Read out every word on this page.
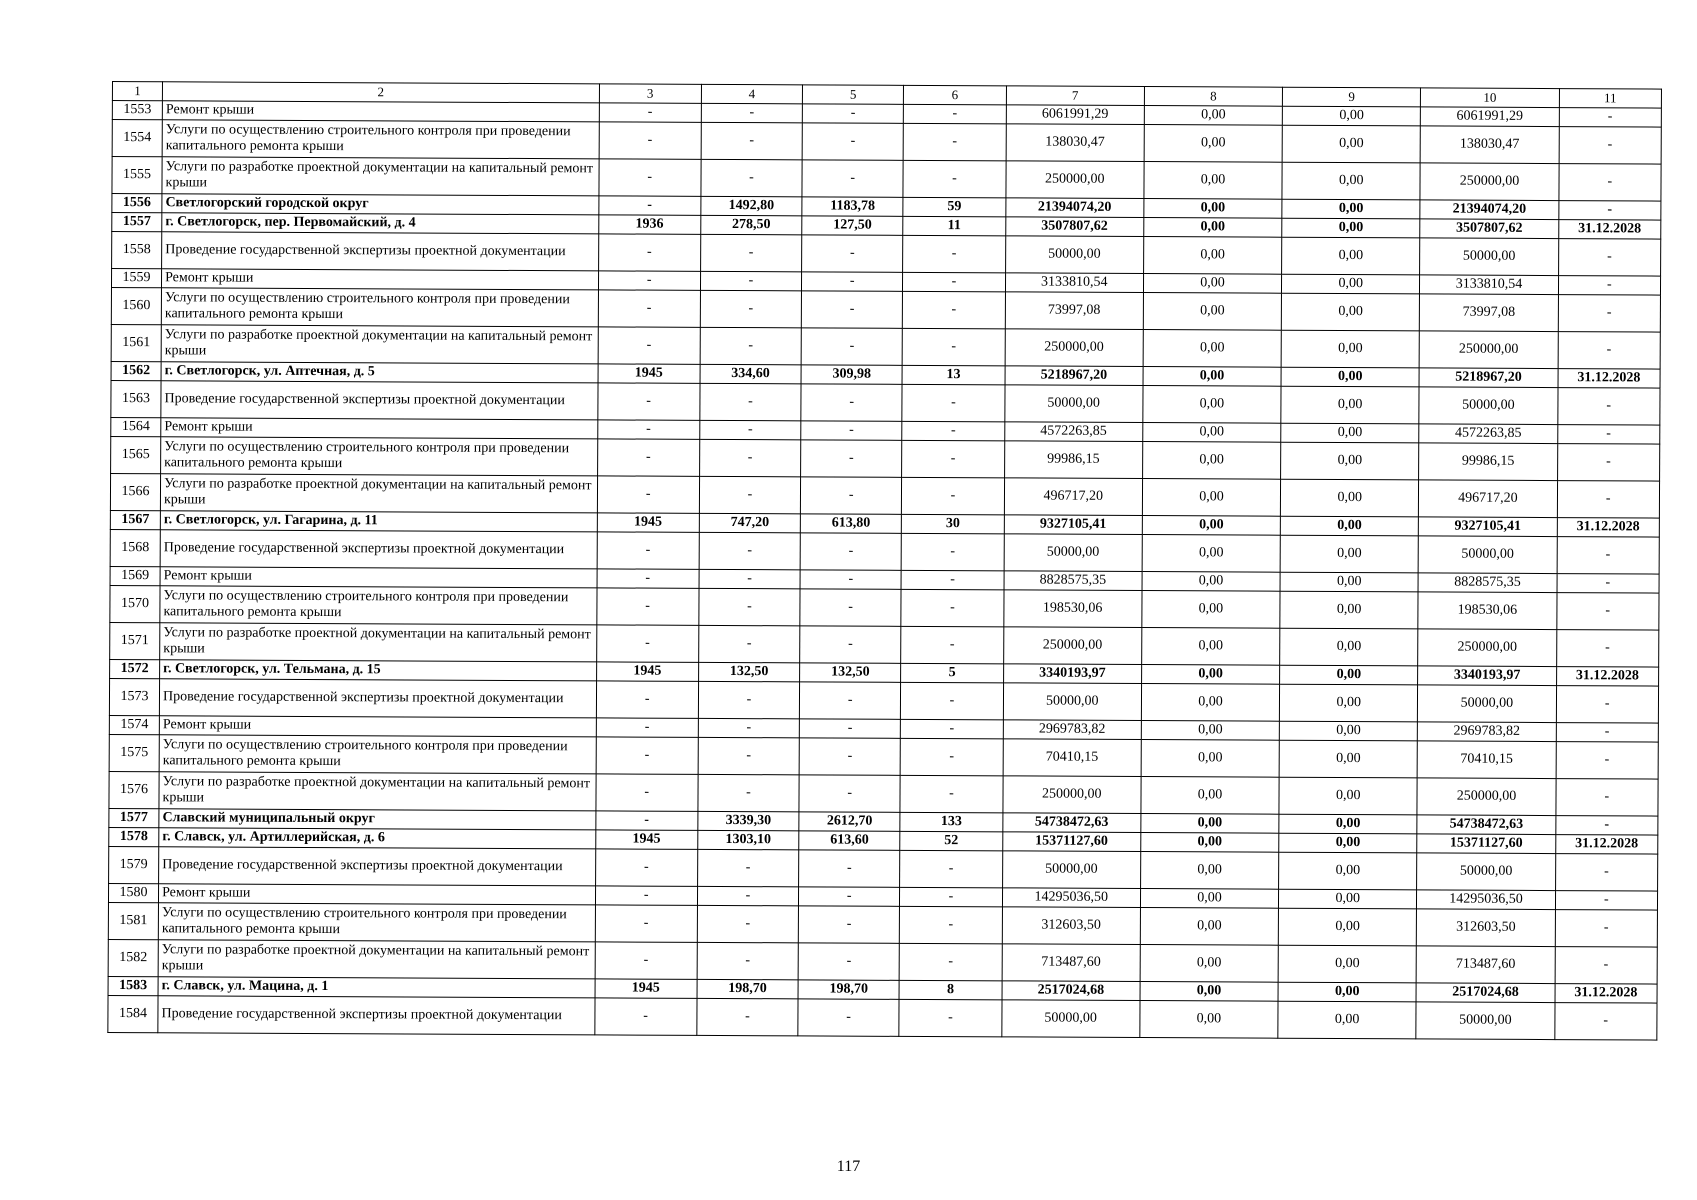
1	2	3	4	5	6	7	8	9	10	11
1553	Ремонт крыши	-	-	-	-	6061991,29	0,00	0,00	6061991,29	-
1554	Услуги по осуществлению строительного контроля при проведении капитального ремонта крыши	-	-	-	-	138030,47	0,00	0,00	138030,47	-
1555	Услуги по разработке проектной документации на капитальный ремонт крыши	-	-	-	-	250000,00	0,00	0,00	250000,00	-
1556	Светлогорский городской округ	-	1492,80	1183,78	59	21394074,20	0,00	0,00	21394074,20	-
1557	г. Светлогорск, пер. Первомайский, д. 4	1936	278,50	127,50	11	3507807,62	0,00	0,00	3507807,62	31.12.2028
1558	Проведение государственной экспертизы проектной документации	-	-	-	-	50000,00	0,00	0,00	50000,00	-
1559	Ремонт крыши	-	-	-	-	3133810,54	0,00	0,00	3133810,54	-
1560	Услуги по осуществлению строительного контроля при проведении капитального ремонта крыши	-	-	-	-	73997,08	0,00	0,00	73997,08	-
1561	Услуги по разработке проектной документации на капитальный ремонт крыши	-	-	-	-	250000,00	0,00	0,00	250000,00	-
1562	г. Светлогорск, ул. Аптечная, д. 5	1945	334,60	309,98	13	5218967,20	0,00	0,00	5218967,20	31.12.2028
1563	Проведение государственной экспертизы проектной документации	-	-	-	-	50000,00	0,00	0,00	50000,00	-
1564	Ремонт крыши	-	-	-	-	4572263,85	0,00	0,00	4572263,85	-
1565	Услуги по осуществлению строительного контроля при проведении капитального ремонта крыши	-	-	-	-	99986,15	0,00	0,00	99986,15	-
1566	Услуги по разработке проектной документации на капитальный ремонт крыши	-	-	-	-	496717,20	0,00	0,00	496717,20	-
1567	г. Светлогорск, ул. Гагарина, д. 11	1945	747,20	613,80	30	9327105,41	0,00	0,00	9327105,41	31.12.2028
1568	Проведение государственной экспертизы проектной документации	-	-	-	-	50000,00	0,00	0,00	50000,00	-
1569	Ремонт крыши	-	-	-	-	8828575,35	0,00	0,00	8828575,35	-
1570	Услуги по осуществлению строительного контроля при проведении капитального ремонта крыши	-	-	-	-	198530,06	0,00	0,00	198530,06	-
1571	Услуги по разработке проектной документации на капитальный ремонт крыши	-	-	-	-	250000,00	0,00	0,00	250000,00	-
1572	г. Светлогорск, ул. Тельмана, д. 15	1945	132,50	132,50	5	3340193,97	0,00	0,00	3340193,97	31.12.2028
1573	Проведение государственной экспертизы проектной документации	-	-	-	-	50000,00	0,00	0,00	50000,00	-
1574	Ремонт крыши	-	-	-	-	2969783,82	0,00	0,00	2969783,82	-
1575	Услуги по осуществлению строительного контроля при проведении капитального ремонта крыши	-	-	-	-	70410,15	0,00	0,00	70410,15	-
1576	Услуги по разработке проектной документации на капитальный ремонт крыши	-	-	-	-	250000,00	0,00	0,00	250000,00	-
1577	Славский муниципальный округ	-	3339,30	2612,70	133	54738472,63	0,00	0,00	54738472,63	-
1578	г. Славск, ул. Артиллерийская, д. 6	1945	1303,10	613,60	52	15371127,60	0,00	0,00	15371127,60	31.12.2028
1579	Проведение государственной экспертизы проектной документации	-	-	-	-	50000,00	0,00	0,00	50000,00	-
1580	Ремонт крыши	-	-	-	-	14295036,50	0,00	0,00	14295036,50	-
1581	Услуги по осуществлению строительного контроля при проведении капитального ремонта крыши	-	-	-	-	312603,50	0,00	0,00	312603,50	-
1582	Услуги по разработке проектной документации на капитальный ремонт крыши	-	-	-	-	713487,60	0,00	0,00	713487,60	-
1583	г. Славск, ул. Мацина, д. 1	1945	198,70	198,70	8	2517024,68	0,00	0,00	2517024,68	31.12.2028
1584	Проведение государственной экспертизы проектной документации	-	-	-	-	50000,00	0,00	0,00	50000,00	-
117
